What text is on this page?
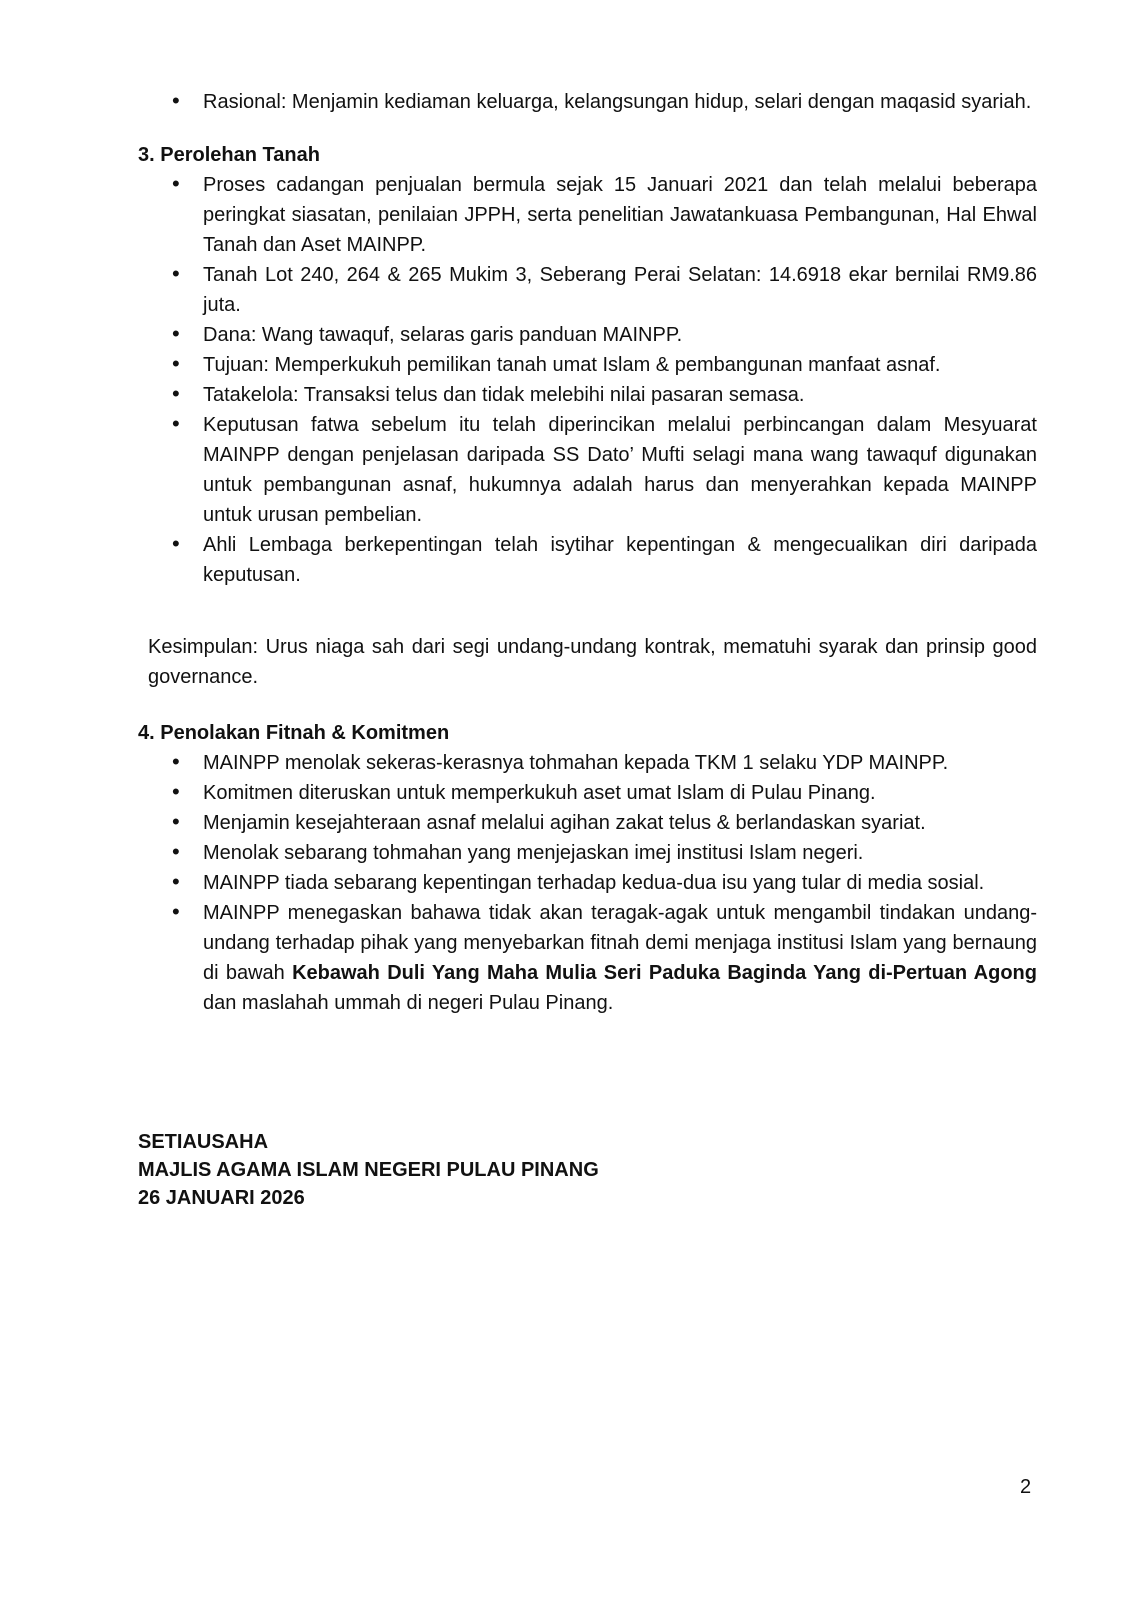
• Rasional: Menjamin kediaman keluarga, kelangsungan hidup, selari dengan maqasid syariah.
3. Perolehan Tanah
• Proses cadangan penjualan bermula sejak 15 Januari 2021 dan telah melalui beberapa peringkat siasatan, penilaian JPPH, serta penelitian Jawatankuasa Pembangunan, Hal Ehwal Tanah dan Aset MAINPP.
• Tanah Lot 240, 264 & 265 Mukim 3, Seberang Perai Selatan: 14.6918 ekar bernilai RM9.86 juta.
• Dana: Wang tawaquf, selaras garis panduan MAINPP.
• Tujuan: Memperkukuh pemilikan tanah umat Islam & pembangunan manfaat asnaf.
• Tatakelola: Transaksi telus dan tidak melebihi nilai pasaran semasa.
• Keputusan fatwa sebelum itu telah diperincikan melalui perbincangan dalam Mesyuarat MAINPP dengan penjelasan daripada SS Dato’ Mufti selagi mana wang tawaquf digunakan untuk pembangunan asnaf, hukumnya adalah harus dan menyerahkan kepada MAINPP untuk urusan pembelian.
• Ahli Lembaga berkepentingan telah isytihar kepentingan & mengecualikan diri daripada keputusan.

Kesimpulan: Urus niaga sah dari segi undang-undang kontrak, mematuhi syarak dan prinsip good governance.

4. Penolakan Fitnah & Komitmen
• MAINPP menolak sekeras-kerasnya tohmahan kepada TKM 1 selaku YDP MAINPP.
• Komitmen diteruskan untuk memperkukuh aset umat Islam di Pulau Pinang.
• Menjamin kesejahteraan asnaf melalui agihan zakat telus & berlandaskan syariat.
• Menolak sebarang tohmahan yang menjejaskan imej institusi Islam negeri.
• MAINPP tiada sebarang kepentingan terhadap kedua-dua isu yang tular di media sosial.
• MAINPP menegaskan bahawa tidak akan teragak-agak untuk mengambil tindakan undang-undang terhadap pihak yang menyebarkan fitnah demi menjaga institusi Islam yang bernaung di bawah Kebawah Duli Yang Maha Mulia Seri Paduka Baginda Yang di-Pertuan Agong dan maslahah ummah di negeri Pulau Pinang.
SETIAUSAHA
MAJLIS AGAMA ISLAM NEGERI PULAU PINANG
26 JANUARI 2026
2
